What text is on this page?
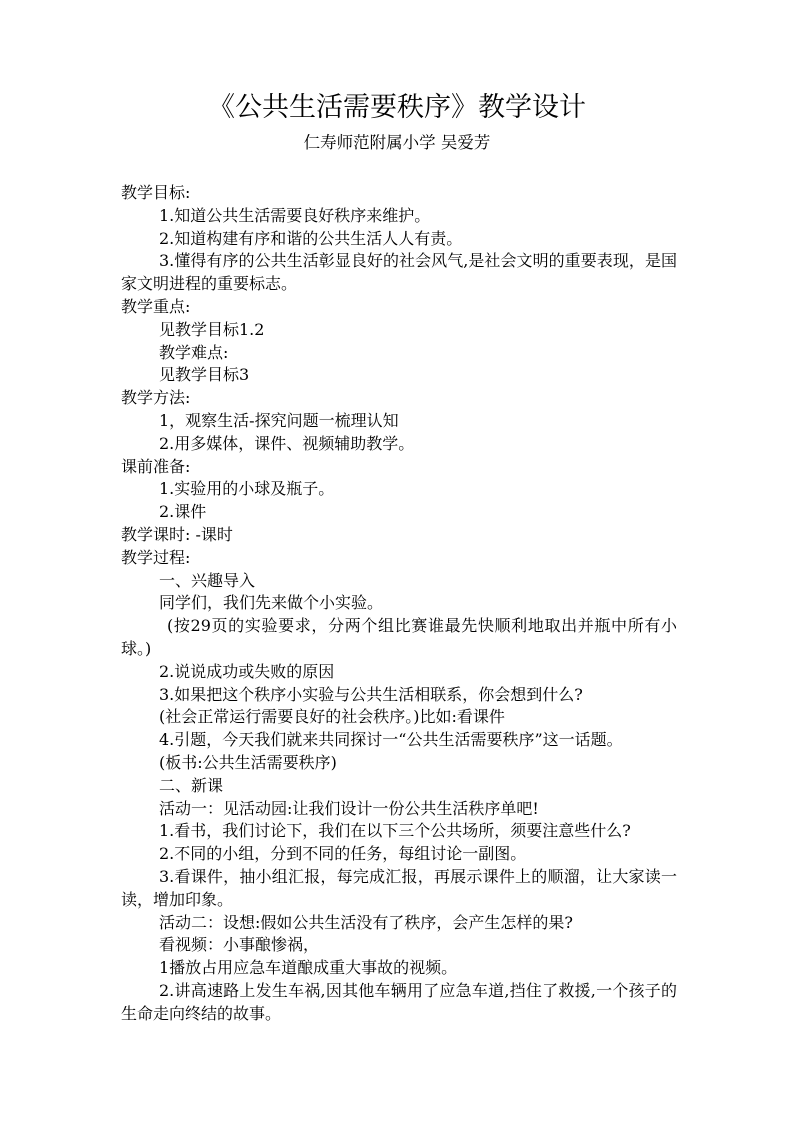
《公共生活需要秩序》教学设计
仁寿师范附属小学 吴爱芳
教学目标:
1.知道公共生活需要良好秩序来维护。
2.知道构建有序和谐的公共生活人人有责。
3.懂得有序的公共生活彰显良好的社会风气,是社会文明的重要表现，是国家文明进程的重要标志。
教学重点:
见教学目标1.2
教学难点:
见教学目标3
教学方法:
1，观察生活-探究问题一梳理认知
2.用多媒体，课件、视频辅助教学。
课前准备:
1.实验用的小球及瓶子。
2.课件
教学课时: -课时
教学过程:
一、兴趣导入
同学们，我们先来做个小实验。
(按29页的实验要求，分两个组比赛谁最先快顺利地取出并瓶中所有小球。)
2.说说成功或失败的原因
3.如果把这个秩序小实验与公共生活相联系，你会想到什么?
(社会正常运行需要良好的社会秩序。)比如:看课件
4.引题，今天我们就来共同探讨一“公共生活需要秩序”这一话题。
(板书:公共生活需要秩序)
二、新课
活动一：见活动园:让我们设计一份公共生活秩序单吧!
1.看书，我们讨论下，我们在以下三个公共场所，须要注意些什么?
2.不同的小组，分到不同的任务，每组讨论一副图。
3.看课件，抽小组汇报，每完成汇报，再展示课件上的顺溜，让大家读一读，增加印象。
活动二：设想:假如公共生活没有了秩序，会产生怎样的果?
看视频：小事酿惨祸，
1播放占用应急车道酿成重大事故的视频。
2.讲高速路上发生车祸,因其他车辆用了应急车道,挡住了救援,一个孩子的生命走向终结的故事。
